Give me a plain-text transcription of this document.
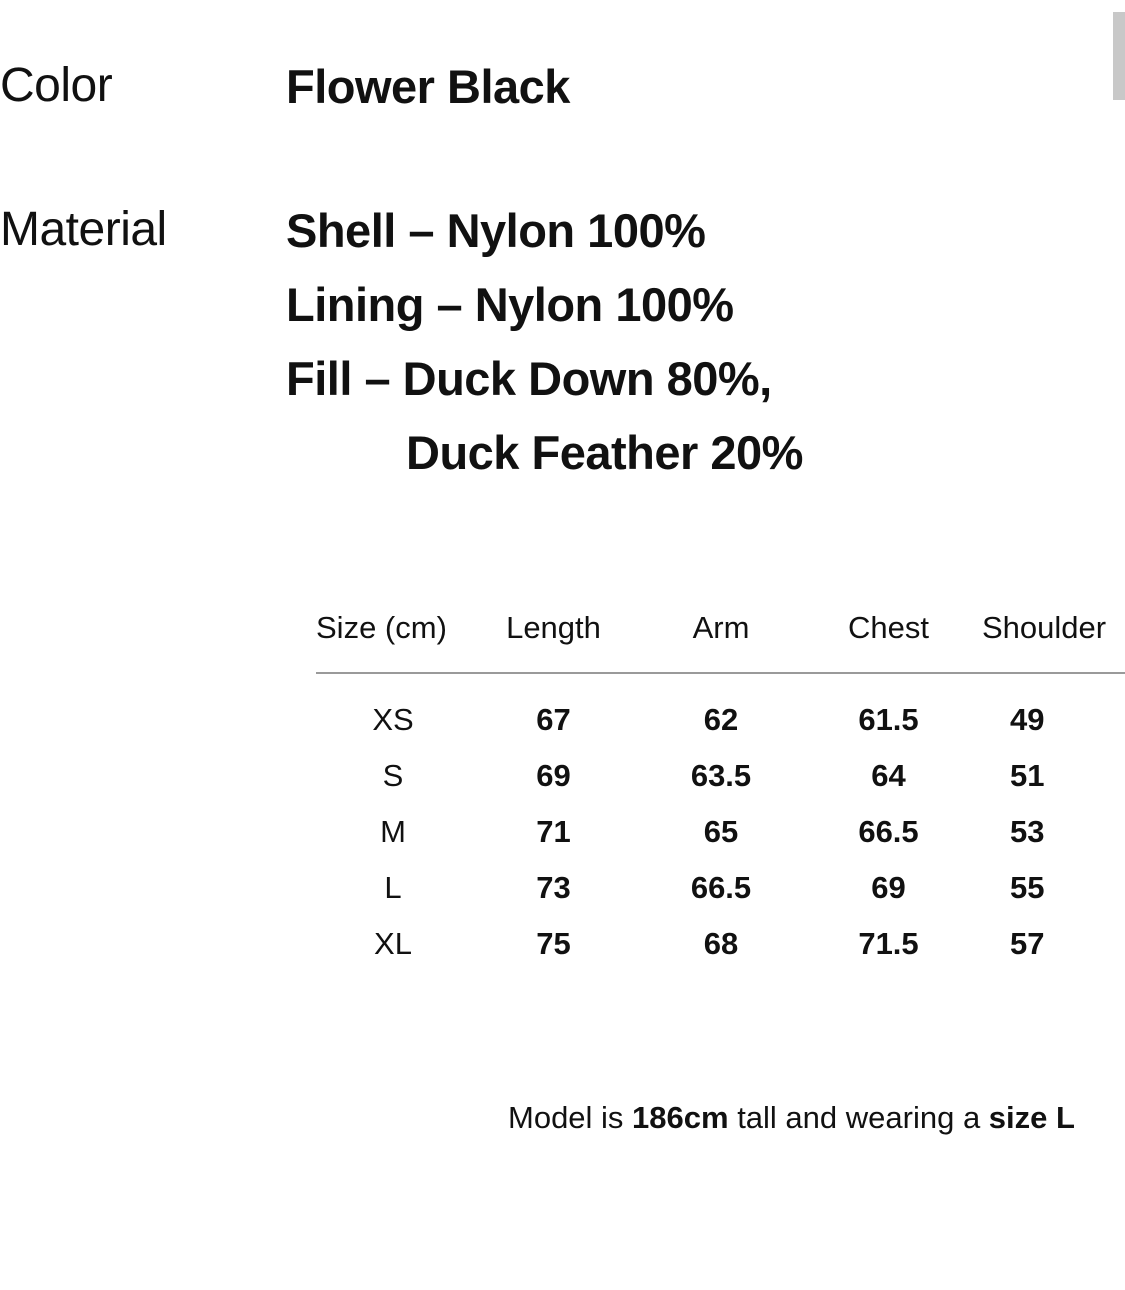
Color	Flower Black
Material	Shell – Nylon 100%
Lining – Nylon 100%
Fill – Duck Down 80%,
Duck Feather 20%
Size (cm)	Length	Arm	Chest	Shoulder
XS	67	62	61.5	49
S	69	63.5	64	51
M	71	65	66.5	53
L	73	66.5	69	55
XL	75	68	71.5	57
Model is 186cm tall and wearing a size L
